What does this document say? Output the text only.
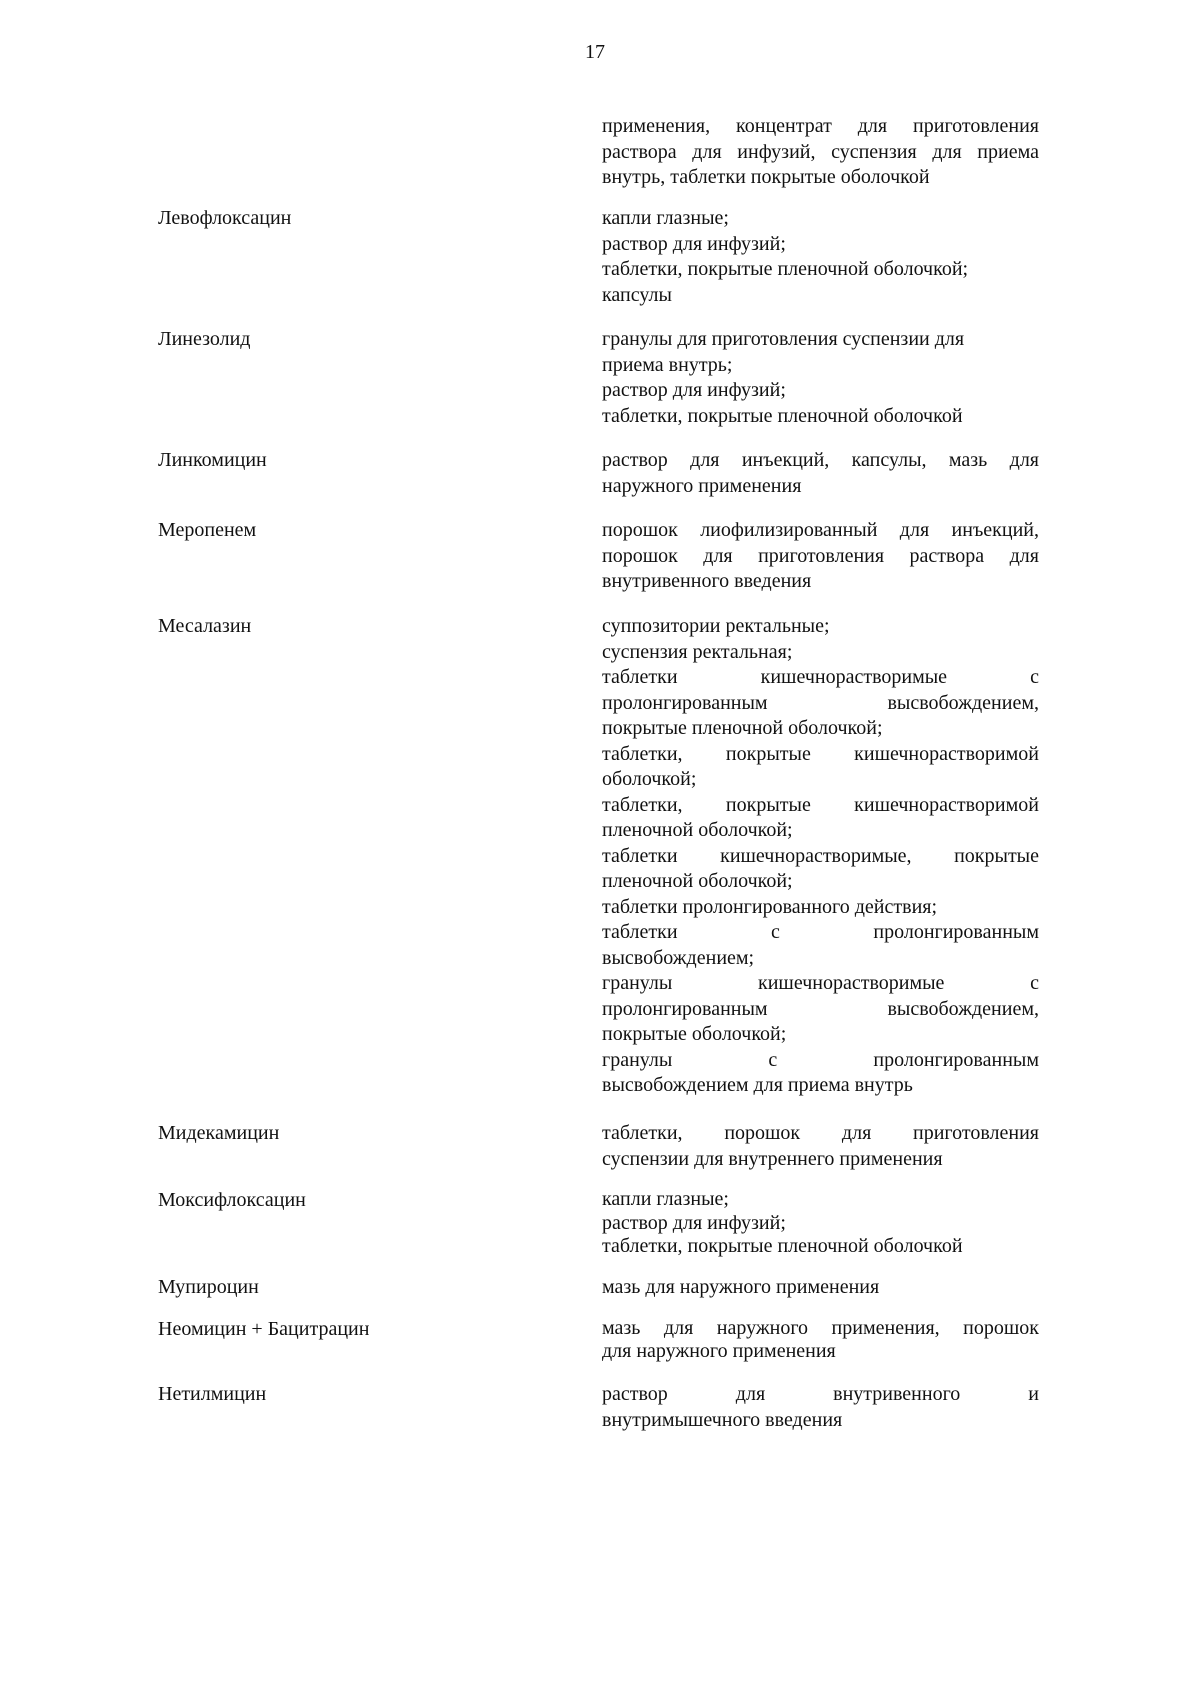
17
применения, концентрат для приготовления
раствора для инфузий, суспензия для приема
внутрь, таблетки покрытые оболочкой
Левофлоксацин	капли глазные;
раствор для инфузий;
таблетки, покрытые пленочной оболочкой;
капсулы
Линезолид	гранулы для приготовления суспензии для
приема внутрь;
раствор для инфузий;
таблетки, покрытые пленочной оболочкой
Линкомицин	раствор для инъекций, капсулы, мазь для
наружного применения
Меропенем	порошок лиофилизированный для инъекций,
порошок для приготовления раствора для
внутривенного введения
Месалазин	суппозитории ректальные;
суспензия ректальная;
таблетки кишечнорастворимые с
пролонгированным высвобождением,
покрытые пленочной оболочкой;
таблетки, покрытые кишечнорастворимой
оболочкой;
таблетки, покрытые кишечнорастворимой
пленочной оболочкой;
таблетки кишечнорастворимые, покрытые
пленочной оболочкой;
таблетки пролонгированного действия;
таблетки с пролонгированным
высвобождением;
гранулы кишечнорастворимые с
пролонгированным высвобождением,
покрытые оболочкой;
гранулы с пролонгированным
высвобождением для приема внутрь
Мидекамицин	таблетки, порошок для приготовления
суспензии для внутреннего применения
Моксифлоксацин	капли глазные;
раствор для инфузий;
таблетки, покрытые пленочной оболочкой
Мупироцин	мазь для наружного применения
Неомицин + Бацитрацин	мазь для наружного применения, порошок
для наружного применения
Нетилмицин	раствор для внутривенного и
внутримышечного введения
